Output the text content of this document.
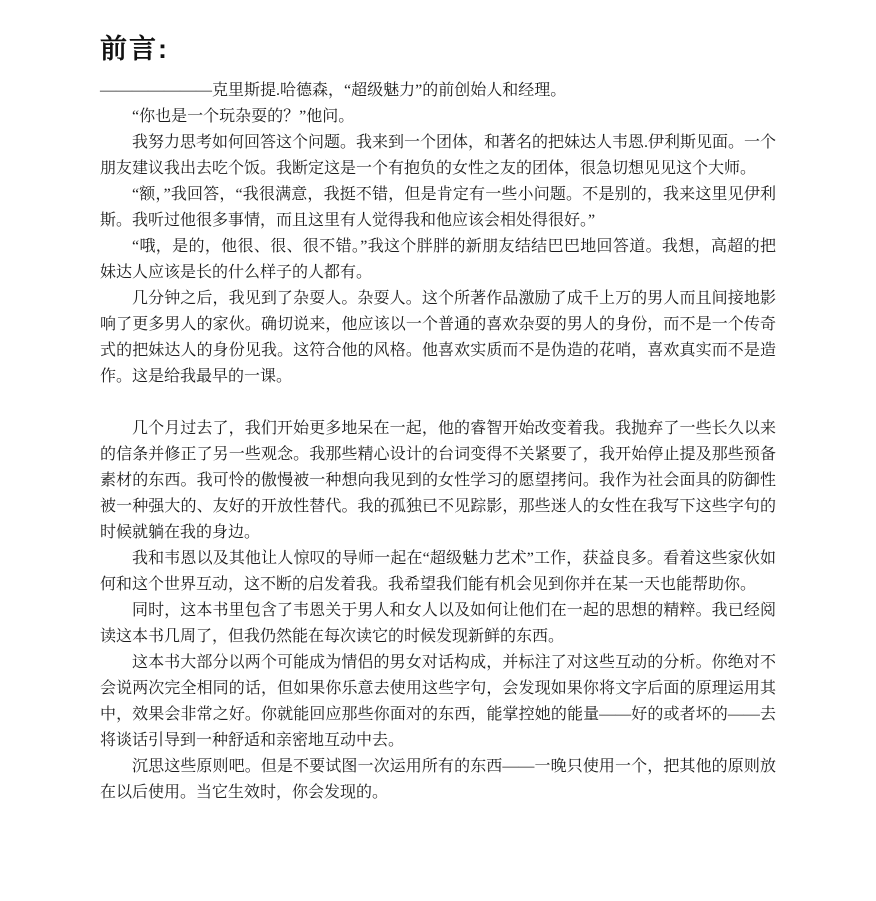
前言:

———————克里斯提.哈德森，“超级魅力”的前创始人和经理。

“你也是一个玩杂耍的？”他问。

我努力思考如何回答这个问题。我来到一个团体，和著名的把妹达人韦恩.伊利斯见面。一个朋友建议我出去吃个饭。我断定这是一个有抱负的女性之友的团体，很急切想见见这个大师。

“额，”我回答，“我很满意，我挺不错，但是肯定有一些小问题。不是别的，我来这里见伊利斯。我听过他很多事情，而且这里有人觉得我和他应该会相处得很好。”

“哦，是的，他很、很、很不错。”我这个胖胖的新朋友结结巴巴地回答道。我想，高超的把妹达人应该是长的什么样子的人都有。

几分钟之后，我见到了杂耍人。杂耍人。这个所著作品激励了成千上万的男人而且间接地影响了更多男人的家伙。确切说来，他应该以一个普通的喜欢杂耍的男人的身份，而不是一个传奇式的把妹达人的身份见我。这符合他的风格。他喜欢实质而不是伪造的花哨，喜欢真实而不是造作。这是给我最早的一课。

几个月过去了，我们开始更多地呆在一起，他的睿智开始改变着我。我抛弃了一些长久以来的信条并修正了另一些观念。我那些精心设计的台词变得不关紧要了，我开始停止提及那些预备素材的东西。我可怜的傲慢被一种想向我见到的女性学习的愿望拷问。我作为社会面具的防御性被一种强大的、友好的开放性替代。我的孤独已不见踪影，那些迷人的女性在我写下这些字句的时候就躺在我的身边。

我和韦恩以及其他让人惊叹的导师一起在“超级魅力艺术”工作，获益良多。看着这些家伙如何和这个世界互动，这不断的启发着我。我希望我们能有机会见到你并在某一天也能帮助你。

同时，这本书里包含了韦恩关于男人和女人以及如何让他们在一起的思想的精粹。我已经阅读这本书几周了，但我仍然能在每次读它的时候发现新鲜的东西。

这本书大部分以两个可能成为情侣的男女对话构成，并标注了对这些互动的分析。你绝对不会说两次完全相同的话，但如果你乐意去使用这些字句，会发现如果你将文字后面的原理运用其中，效果会非常之好。你就能回应那些你面对的东西，能掌控她的能量——好的或者坏的——去将谈话引导到一种舒适和亲密地互动中去。

沉思这些原则吧。但是不要试图一次运用所有的东西——一晚只使用一个，把其他的原则放在以后使用。当它生效时，你会发现的。
